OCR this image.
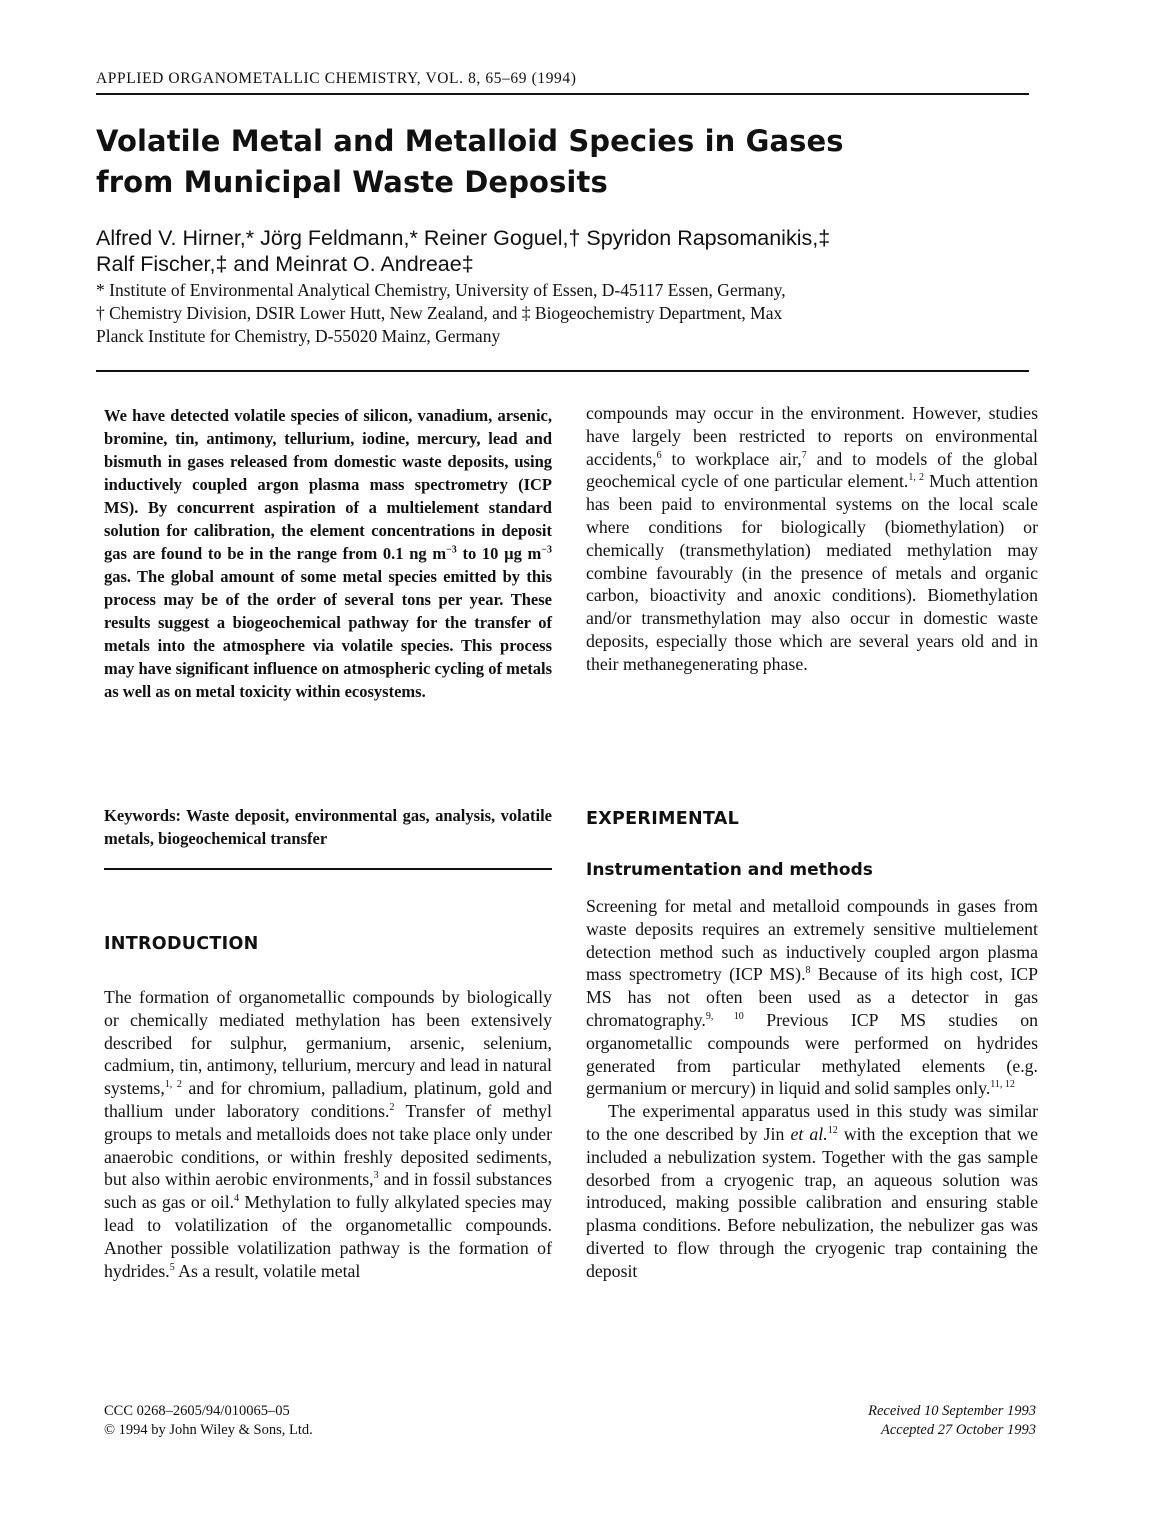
APPLIED ORGANOMETALLIC CHEMISTRY, VOL. 8, 65–69 (1994)
Volatile Metal and Metalloid Species in Gases
from Municipal Waste Deposits
Alfred V. Hirner,* Jörg Feldmann,* Reiner Goguel,† Spyridon Rapsomanikis,‡
Ralf Fischer,‡ and Meinrat O. Andreae‡
* Institute of Environmental Analytical Chemistry, University of Essen, D-45117 Essen, Germany,
† Chemistry Division, DSIR Lower Hutt, New Zealand, and ‡ Biogeochemistry Department, Max
Planck Institute for Chemistry, D-55020 Mainz, Germany

We have detected volatile species of silicon, vanadium, arsenic, bromine, tin, antimony, tellurium, iodine, mercury, lead and bismuth in gases released from domestic waste deposits, using inductively coupled argon plasma mass spectrometry (ICP MS). By concurrent aspiration of a multielement standard solution for calibration, the element concentrations in deposit gas are found to be in the range from 0.1 ng $m^{-3}$ to 10 µg $m^{-3}$ gas. The global amount of some metal species emitted by this process may be of the order of several tons per year. These results suggest a biogeochemical pathway for the transfer of metals into the atmosphere via volatile species. This process may have significant influence on atmospheric cycling of metals as well as on metal toxicity within ecosystems.

Keywords: Waste deposit, environmental gas, analysis, volatile metals, biogeochemical transfer
INTRODUCTION

The formation of organometallic compounds by biologically or chemically mediated methylation has been extensively described for sulphur, germanium, arsenic, selenium, cadmium, tin, antimony, tellurium, mercury and lead in natural systems,$^{1, 2}$ and for chromium, palladium, platinum, gold and thallium under laboratory conditions.$^2$ Transfer of methyl groups to metals and metalloids does not take place only under anaerobic conditions, or within freshly deposited sediments, but also within aerobic environments,$^3$ and in fossil substances such as gas or oil.$^4$ Methylation to fully alkylated species may lead to volatilization of the organometallic compounds. Another possible volatilization pathway is the formation of hydrides.$^5$ As a result, volatile metal

compounds may occur in the environment. However, studies have largely been restricted to reports on environmental accidents,$^6$ to workplace air,$^7$ and to models of the global geochemical cycle of one particular element.$^{1, 2}$ Much attention has been paid to environmental systems on the local scale where conditions for biologically (biomethylation) or chemically (transmethylation) mediated methylation may combine favourably (in the presence of metals and organic carbon, bioactivity and anoxic conditions). Biomethylation and/or transmethylation may also occur in domestic waste deposits, especially those which are several years old and in their methanegenerating phase.

EXPERIMENTAL
Instrumentation and methods

Screening for metal and metalloid compounds in gases from waste deposits requires an extremely sensitive multielement detection method such as inductively coupled argon plasma mass spectrometry (ICP MS).$^8$ Because of its high cost, ICP MS has not often been used as a detector in gas chromatography.$^{9, 10}$ Previous ICP MS studies on organometallic compounds were performed on hydrides generated from particular methylated elements (e.g. germanium or mercury) in liquid and solid samples only.$^{11, 12}$

The experimental apparatus used in this study was similar to the one described by Jin et al.$^{12}$ with the exception that we included a nebulization system. Together with the gas sample desorbed from a cryogenic trap, an aqueous solution was introduced, making possible calibration and ensuring stable plasma conditions. Before nebulization, the nebulizer gas was diverted to flow through the cryogenic trap containing the deposit

CCC 0268–2605/94/010065–05
© 1994 by John Wiley & Sons, Ltd.
Received 10 September 1993
Accepted 27 October 1993
